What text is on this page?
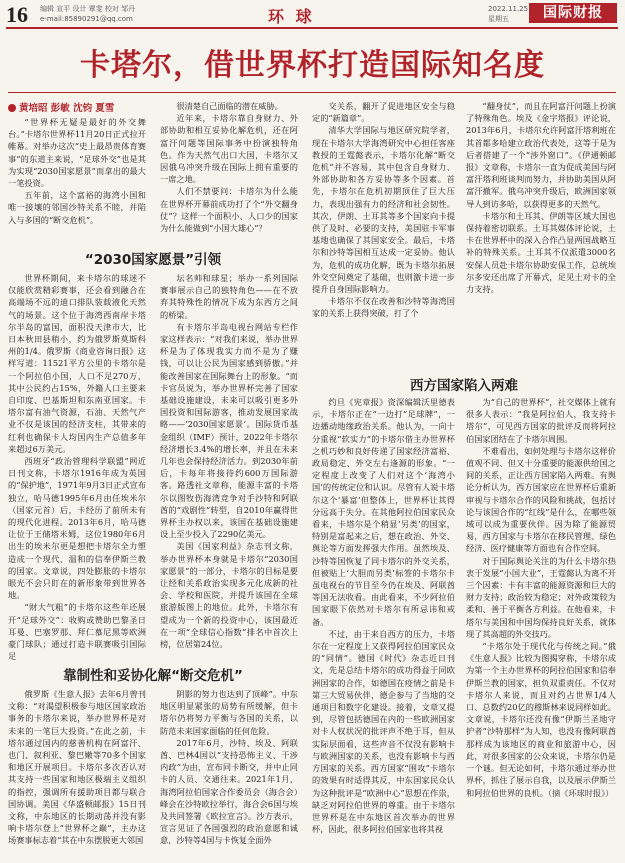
16 编辑 宣平 设计 覃斐 校对 邹丹
e-mail:85890291@qq.com	环 球	2022.11.25
星期五	国际财报
卡塔尔，借世界杯打造国际知名度
黄培昭 彭敏 沈钧 夏雪

“世界杯无疑是最好的外交舞台。”卡塔尔世界杯11月20日正式拉开帷幕。对举办这次“史上最昂贵体育赛事”的东道主来说，“足球外交”也是其为实现“2030国家愿景”而拿出的最大一笔投资。

五年前，这个富裕的海湾小国和唯一接壤的邻国沙特关系不睦，并陷入与多国的“断交危机”。

很清楚自己面临的潜在威胁。

近年来，卡塔尔靠自身财力、外部协助和相互妥协化解危机，还在阿富汗问题等国际事务中扮演独特角色。作为天然气出口大国，卡塔尔又因俄乌冲突升级在国际上拥有重要的一席之地。

人们不禁要问：卡塔尔为什么能在世界杯开幕前成功打了个“外交翻身仗”？这样一个面积小、人口少的国家为什么能做到“小国大雄心”？

交关系，翻开了促进地区安全与稳定的“新篇章”。

清华大学国际与地区研究院学者，现在卡塔尔大学海湾研究中心担任客座教授的王霆懿表示，卡塔尔化解“断交危机”并不容易，其中包含自身财力、外部协助和各方妥协等多个因素。首先，卡塔尔在危机初期顶住了巨大压力，表现出强有力的经济和社会韧性。其次，伊朗、土耳其等多个国家向卡提供了及时、必要的支持，美国驻卡军事基地也确保了其国家安全。最后，卡塔尔和沙特等国相互达成一定妥协。他认为，危机的成功化解，既为卡塔尔拓展外交空间奠定了基础，也则激卡进一步提升自身国际影响力。

卡塔尔不仅在改善和沙特等海湾国家的关系上获得突破，打了个

“翻身仗”，而且在阿富汗问题上扮演了特殊角色。埃及《金字塔报》评论说，2013年6月，卡塔尔允许阿富汗塔利班在其首都多哈建立政治代表处，这等于是为后者搭建了一个“涉外窗口”。《伊通顿邮报》文章称，卡塔尔一直为促成美国与阿富汗塔利班谈判而努力，并协助美国从阿富汗撤军。俄乌冲突升级后，欧洲国家领导人到访多哈，以获得更多的天然气。

卡塔尔和土耳其、伊朗等区域大国也保持着密切联系。土耳其媒体评论说，土卡在世界杯中的深入合作凸显两国战略互补的特殊关系。土耳其不仅派遣3000名安保人员赴卡塔尔协助安保工作，总统埃尔多安还出席了开幕式，足见土对卡的全力支持。

“2030国家愿景”引领

世界杯期间，来卡塔尔的球迷不仅能欣赏精彩赛事，还会看到融合在高端场不远的迪口排队装载液化天然气的场景。这个位于海湾西南岸卡塔尔半岛的富国，面积没天津市大，比日本秋田县稍小，约为俄罗斯莫斯科州的1/4。俄罗斯《商业咨询日报》这样写道：11521平方公里的卡塔尔是一个阿拉伯小国，人口不足270万，其中公民约占15%，外籍人口主要来自印度、巴基斯坦和东南亚国家。卡塔尔富有油气资源，石油、天然气产业不仅是该国的经济支柱，其带来的红利也确保卡人均国内生产总值多年来超过6万美元。

西班牙“政治管理科学联盟”网近日刊文称，卡塔尔1916年成为英国的“保护地”，1971年9月3日正式宣布独立，哈马德1995年6月由任埃米尔（国家元首）后，卡经历了前所未有的现代化进程。2013年6月，哈马德让位于王储塔米姆，这位1980年6月出生的埃米尔更是想把卡塔尔全力塑造成一个现代、温和的信奉伊斯兰教的国家。文章说，四处膨胀的卡塔尔眼光不会只盯在的新形象带到世界各地。

“财大气粗”的卡塔尔这些年还展开“足球外交”：收购或赞助巴黎圣日耳曼、巴塞罗那、拜仁慕尼黑等欧洲豪门球队；通过打造卡联赛吸引国际足

坛名帅和球星；举办一系列国际赛事展示自己的独特角色——在不放弃其特殊性的情况下成为东西方之间的桥梁。

有卡塔尔半岛电视台网站专栏作家这样表示：“对我们来说，举办世界杯是为了体现我实力而不是为了赚钱，可以让公民为国家感到骄傲。”并能改善国家在国际舞台上的形象。“而卡官员说为，举办世界杯完善了国家基础设施建设，未来可以吸引更多外国投资和国际游客，推动发展国家战略——‘2030国家愿景’。国际货币基金组织（IMF）预计，2022年卡塔尔经济增长3.4%的增长率，并且在未来几年也会保持经济活力。到2030年前后，卡每年将接待约600万国际游客。路透社文章称，能源丰富的卡塔尔以图牧伤海湾竞争对手沙特和阿联酋的“戏剧性”转型，自2010年赢得世界杯主办权以来，该国在基础设施建设上至少投入了2290亿美元。

美国《国家利益》杂志刊文称，举办世界杯本身就是卡塔尔“2030国家愿景”的一部分，卡塔尔的目标是要让经和关系政治实现多元化成新的社会、学校和医院，并提升该国在全球旅游版图上的地位。此外，卡塔尔有望成为一个新的投资中心，该国最近在一项“全球信心指数”排名中首次上榜，位居第24位。

西方国家陷入两难

约旦《宪章报》资深编辑沃里德表示，卡塔尔正在“一边打”足球牌”，一边播动地缘政治关系。他认为，一向十分重视“软实力”的卡塔尔借主办世界杯之机巧妙和良好传递了国家经济富裕、政局稳定、外交左右逢源的形象。“一定程度上改变了人们对这个‘海湾小国’的传统定位和认识。尽管有人说卡塔尔这个‘暴富’但整体上，世界杯让其得分远高于失分。在其他阿拉伯国家民众看来，卡塔尔是个稍显‘另类’的国家，特别是富起来之后，想在政治、外交、舆论等方面发挥强大作用。虽然埃及、沙特等国恢复了同卡塔尔的外交关系，但被贴上‘大胆而另类’标签的卡塔尔卡虽电视台的节目至今仍在埃及、阿联酋等国无法收看。由此看来，不少阿拉伯国家眼下依然对卡塔尔有所忌讳和戒备。

不过，由于来自西方的压力，卡塔尔在一定程度上又获得阿拉伯国家民众的“同情”。德国《时代》杂志近日刊文，先是总结卡塔尔的成功得益于同欧洲国家的合作，如德国在疫情之前是卡第三大贸易伙伴，德企参与了当地的交通项目和数字化建设。接着，文章又提到，尽管包括德国在内的一些欧洲国家对卡人权状况的批评声不绝于耳，但从实际层面看，这些声音不仅没有影响卡与欧洲国家的关系，也没有影响卡与西方国家的关系。西方国家“围攻”卡塔尔的效果有时适得其反，中东国家民众认为这种批评是“欧洲中心”思想在作祟，缺乏对阿拉伯世界的尊重。由于卡塔尔世界杯是在中东地区首次举办的世界杯，因此，很多阿拉伯国家也将其视

为“自己的世界杯”，社交媒体上就有很多人表示：“我是阿拉伯人，我支持卡塔尔”，可见西方国家的批评反而将阿拉伯国家团结在了卡塔尔周围。

不难看出，如何处理与卡塔尔这样价值观不同、但又十分重要的能源供给国之间的关系，正让西方国家陷入两难。有舆论分析认为，西方国家应在世界杯后重新审视与卡塔尔合作的风险和挑战，包括讨论与该国合作的“红线”是什么，在哪些领域可以成为重要伙伴。因为除了能源贸易，西方国家与卡塔尔在移民管理、绿色经济、医疗健康等方面也有合作空间。

对于国际舆论关注的为什么卡塔尔热衷于发展“小国大业”，王霆懿认为离不开三个因素：卡有丰富的能源资源和巨大的财力支持；政治较为稳定；对外政策较为柔和、善于平衡各方利益。在他看来，卡塔尔与美国和中国均保持良好关系，就体现了其高超的外交技巧。

“卡塔尔处于现代化与传统之间。”俄《生意人报》比较为图揭穿称，卡塔尔成为第一个主办世界杯的阿拉伯国家和信奉伊斯兰教的国家，担负双重责任。不仅对卡塔尔人来说，而且对约占世界1/4人口、总数约20亿的穆斯林来说同样如此。文章说，卡塔尔还没有像“伊斯兰圣地守护者”沙特那样“为人知，也没有像阿联酋那样成为该地区的商业和旅游中心，因此，对很多国家的公众来说，卡塔尔仍是一个谜。但无论如何，卡塔尔通过举办世界杯，抓住了展示自我，以及展示伊斯兰和阿拉伯世界的良机。（摘《环球时报》）

靠制性和妥协化解“断交危机”

俄罗斯《生意人报》去年6月曾刊文称：“对渴望积极参与地区国家政治事务的卡塔尔来说，举办世界杯是对未来的一笔巨大投资。”在此之前，卡塔尔通过国内的慈善机构在阿富汗、也门、叙利亚、黎巴嫩等70多个国家和地区开展项目。卡塔尔多次否认对其支持一些国家和地区极端主义组织的指控，强调所有援助项目都与联合国协调。美国《华盛顿邮报》15日刊文称，中东地区的长期动荡并没有影响卡塔尔登上“世界杯之巅”，主办这场赛事标志着“其在中东摆脱更大邻国

阴影的努力也达到了顶峰”。中东地区明显紧张的局势有所缓解，但卡塔尔仍将努力平衡与各国的关系，以防范未来国家面临的任何危险。

2017年6月，沙特、埃及、阿联酋、巴林4国以“支持恐怖主义、干涉内政”为由，宣布同卡断交，并中止同卡的人员、交通往来。2021年1月，海湾阿拉伯国家合作委员会（海合会）峰会在沙特欧拉举行，海合会6国与埃及共同签署《欧拉宣言》。沙方表示，宣言见证了各国强烈的政治意愿和诚意，沙特等4国与卡恢复全面外
